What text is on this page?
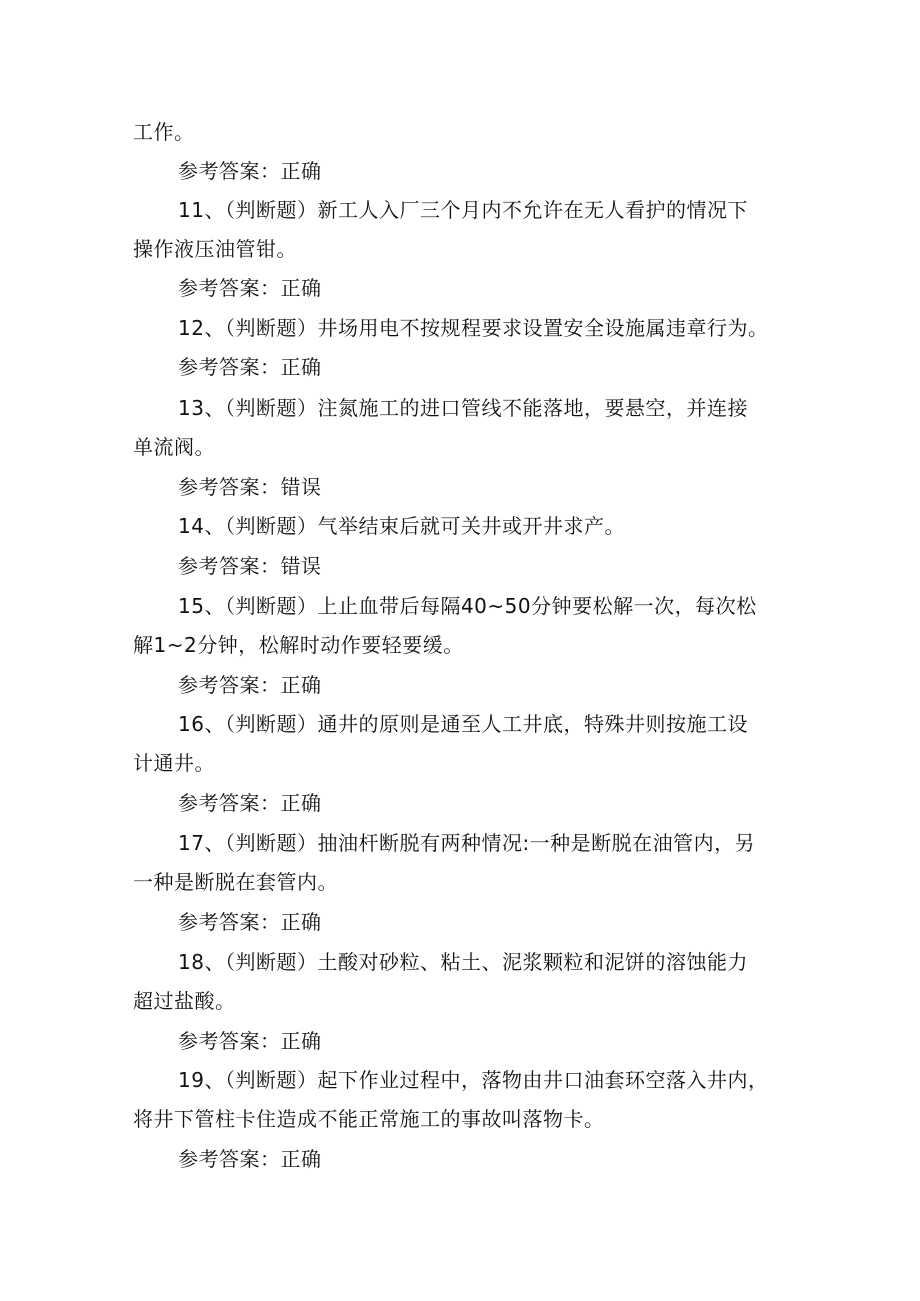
工作。
参考答案：正确
11、（判断题）新工人入厂三个月内不允许在无人看护的情况下
操作液压油管钳。
参考答案：正确
12、（判断题）井场用电不按规程要求设置安全设施属违章行为。
参考答案：正确
13、（判断题）注氮施工的进口管线不能落地，要悬空，并连接
单流阀。
参考答案：错误
14、（判断题）气举结束后就可关井或开井求产。
参考答案：错误
15、（判断题）上止血带后每隔40~50分钟要松解一次，每次松
解1~2分钟，松解时动作要轻要缓。
参考答案：正确
16、（判断题）通井的原则是通至人工井底，特殊井则按施工设
计通井。
参考答案：正确
17、（判断题）抽油杆断脱有两种情况:一种是断脱在油管内，另
一种是断脱在套管内。
参考答案：正确
18、（判断题）土酸对砂粒、粘土、泥浆颗粒和泥饼的溶蚀能力
超过盐酸。
参考答案：正确
19、（判断题）起下作业过程中，落物由井口油套环空落入井内，
将井下管柱卡住造成不能正常施工的事故叫落物卡。
参考答案：正确
